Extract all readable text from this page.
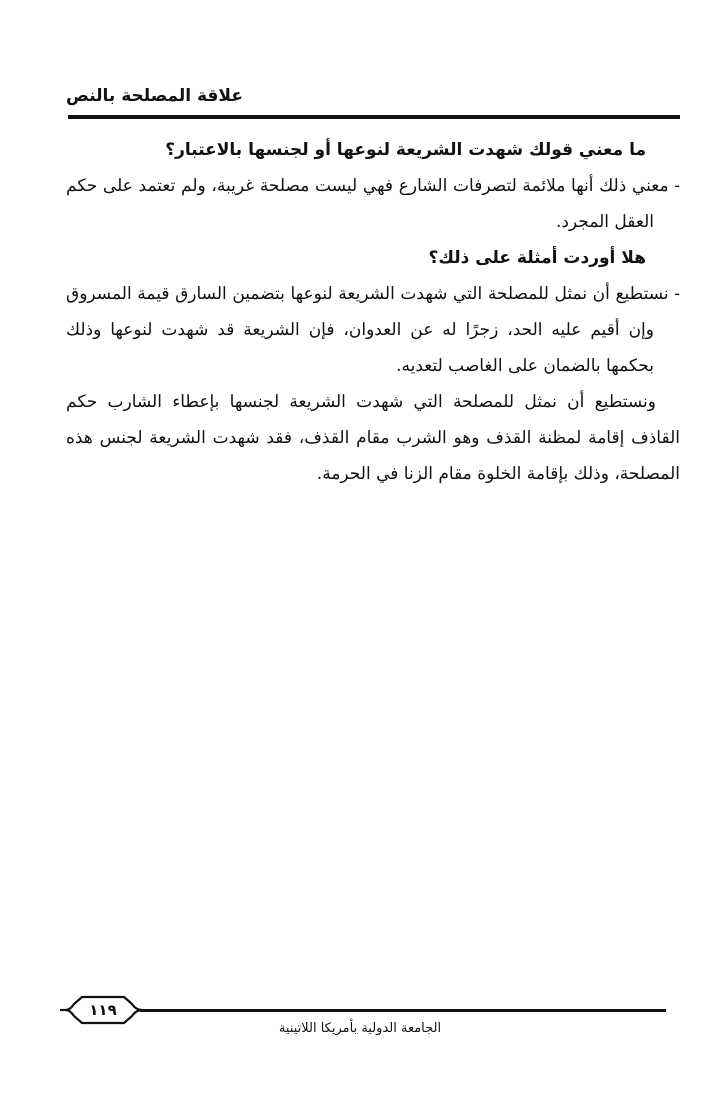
علاقة المصلحة بالنص

ما معني قولك شهدت الشريعة لنوعها أو لجنسها بالاعتبار؟

- معني ذلك أنها ملائمة لتصرفات الشارع فهي ليست مصلحة غريبة، ولم تعتمد على حكم العقل المجرد.

هلا أوردت أمثلة على ذلك؟

- نستطيع أن نمثل للمصلحة التي شهدت الشريعة لنوعها بتضمين السارق قيمة المسروق وإن أقيم عليه الحد، زجرًا له عن العدوان، فإن الشريعة قد شهدت لنوعها وذلك بحكمها بالضمان على الغاصب لتعديه.

ونستطيع أن نمثل للمصلحة التي شهدت الشريعة لجنسها بإعطاء الشارب حكم القاذف إقامة لمظنة القذف وهو الشرب مقام القذف، فقد شهدت الشريعة لجنس هذه المصلحة، وذلك بإقامة الخلوة مقام الزنا في الحرمة.

١١٩
الجامعة الدولية بأمريكا اللاتينية
